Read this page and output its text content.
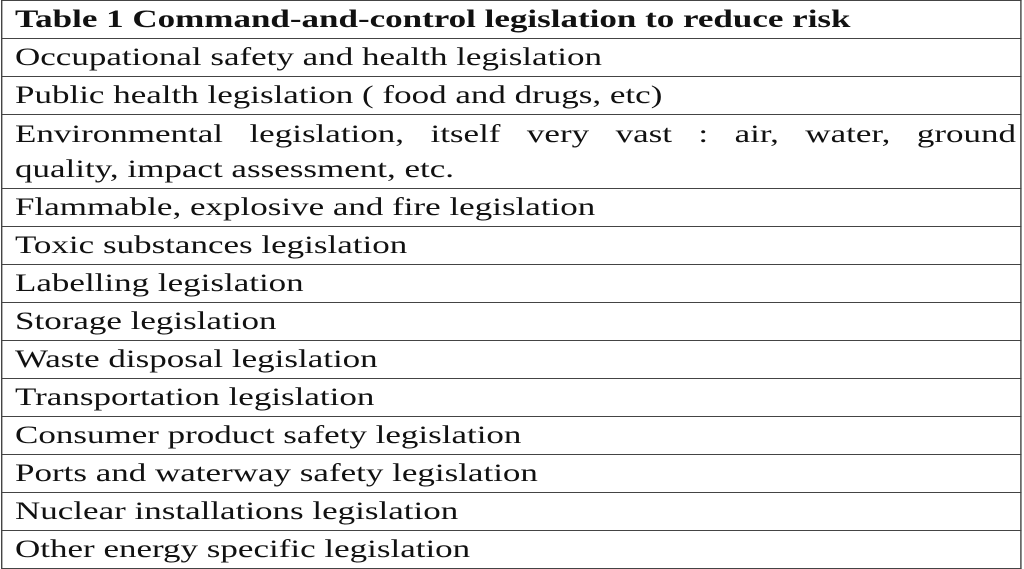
Table 1 Command-and-control legislation to reduce risk
Occupational safety and health legislation
Public health legislation ( food and drugs, etc)

Environmental legislation, itself very vast : air, water, ground
quality, impact assessment, etc.

Flammable, explosive and fire legislation
Toxic substances legislation
Labelling legislation
Storage legislation
Waste disposal legislation
Transportation legislation
Consumer product safety legislation
Ports and waterway safety legislation
Nuclear installations legislation
Other energy specific legislation
